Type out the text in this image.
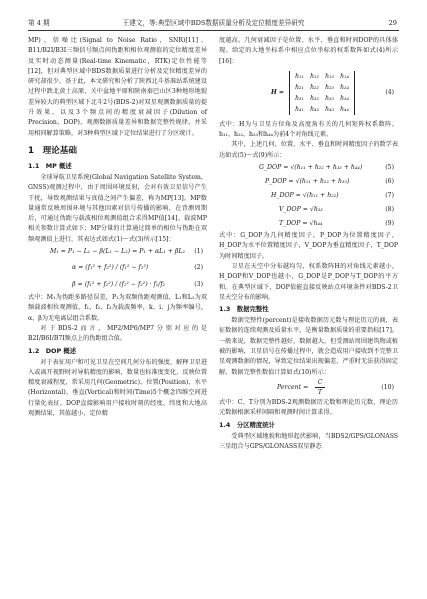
第 4 期	王建文，等:典型区域中BDS数据质量分析及定位精度差异研究	29

MP)、信噪比(Signal to Noise Ratio，SNR)[11]、B11/B2I/B3I三频信号频点间伪距和相位观测值的定位精度差异及实时动态测量(Real-time Kinematic，RTK)定位性能等[12]，但对典型区域中BDS数据质量进行分析及定位精度差异的研究却很少。基于此，本文研究和分析了陕西北斗基准站系统建设过程中跌北黄土高原、关中盆地平原和陕南秦巴山区3种地形地貌差异较大的典型区域下北斗2号(BDS-2)对双星观测数据质量的提升效果，以及3个频点间的精度衰减因子(Dilution of Precision，DOP)、观测数据质量差异和数据完整性规律，并采用相同解算策略，对3种典型区域下定位结果进行了分区统计。

1　理论基础
1.1　MP 概述

全球导航卫星系统(Global Navigation Satellite System，GNSS)观测过程中，由于周围环境反射，会对有效卫星信号产生干扰，导致观测结果与真值之间产生偏差，称为MP[13]。MP数量通常反映周围环境与其他因素对信号传播的影响，在背测周期后，可通过伪距与载波相位观测值组合求得MP值[14]。载波MP相关参数计算式如下；MP分量的计算通过简单的相位与伪距在双频观测值上进行，其表达式如式(1)～式(3)所示[15]：

M₁ = P₁ − L₁ − β(L₁ − L₂) = P₁ + αL₁ + βL₂ (1)
α = (f₁² + f₂²) / (f₁² − f₂²)	(2)
β = (f₁² + f₂²) / (f₁² − f₂²) · f₁/f₂	(3)

式中：M₁为伪距多路径误差，P₁为双频伪距观测值，L₁和L₂为双频载波相位观测值，f₁、f₂、f₃为载波频率，k、i、j为频率编号，α、β为无电离层组合系数。

对于BDS-2而言，MP2/MP6/MP7分别对应的是B2I/B6I/B7I频点上的伪距组合值。

1.2　DOP 概述

对于表征用户和可见卫星在空间几何分布的强度，解释卫星进入或离开视野时对导航精度的影响，数量也标准度变化，反映位置精度衰减程度，常采用几何(Geometric)、位置(Position)、水平(Horizontal)、垂直(Vertical)和时间(Time)5个概念四维空间进行量化表征。DOP直接影响用户接收时刻的经度、纬度和大地高观测结果，其值越小，定位精

度越高。几何衰减因子是位置、水平、垂直和时间DOP的具体体现。给定的大地坐标系中相应点位坐标的权系数阵如式(4)所示[16]：

H =
h₁₁ h₁₂ h₁₃ h₁₄
h₂₁ h₂₂ h₂₃ h₂₄
h₃₁ h₃₂ h₃₃ h₃₄
h₄₁ h₄₂ h₄₃ h₄₄
(4)

式中：H为与卫星方位角及高度角有关的几何矩阵权系数阵，h₁₁、h₂₂、h₃₃和h₄₄为前4个对角线元素。

其中，上述几何、位置、水平、垂直和时间精度因子的数学表达如式(5)～式(9)所示：

G_DOP = √(h₁₁ + h₂₂ + h₃₃ + h₄₄)	(5)
P_DOP = √(h₁₁ + h₂₂ + h₃₃)	(6)
H_DOP = √(h₁₁ + h₂₂)	(7)
V_DOP = √h₃₃	(8)
T_DOP = √h₄₄	(9)

式中：G_DOP为几何精度因子，P_DOP为位置精度因子，H_DOP为水平位置精度因子，V_DOP为垂直精度因子，T_DOP为时间精度因子。

卫星在天空中分布越均匀，权系数阵H的对角线元素越小，H_DOP和V_DOP也越小，G_DOP是P_DOP与T_DOP的平方和。在典型区域下，DOP值能直接反映站点环境条件对BDS-2卫星天空分布的影响。

1.3　数据完整性

数据完整性(percent)是接收数据历元数与理论历元的商，表征数据的连续观测及质量水平，是衡量数据质量的重要指标[17]。一般来说，数据完整性越好，数据越大，但受测站周围建筑物或植被的影响，卫星信号在传播过程中，就会造成用户接收到不完整卫星观测数据的情况，导致定位结果出现偏差，严重时无法获得固定解。数据完整性数值计算如式(10)所示：

Percent = $\frac{C}{T}$	(10)

式中：C、T分别为BDS-2观测数据历元数和理论历元数，理论历元数据根据采样间隔和观测时间计算求得。

1.4　分区精度统计

受典型区域地貌和地形起伏影响，当BDS2/GPS/GLONASS三星组合与GPS/GLONASS双星静态
